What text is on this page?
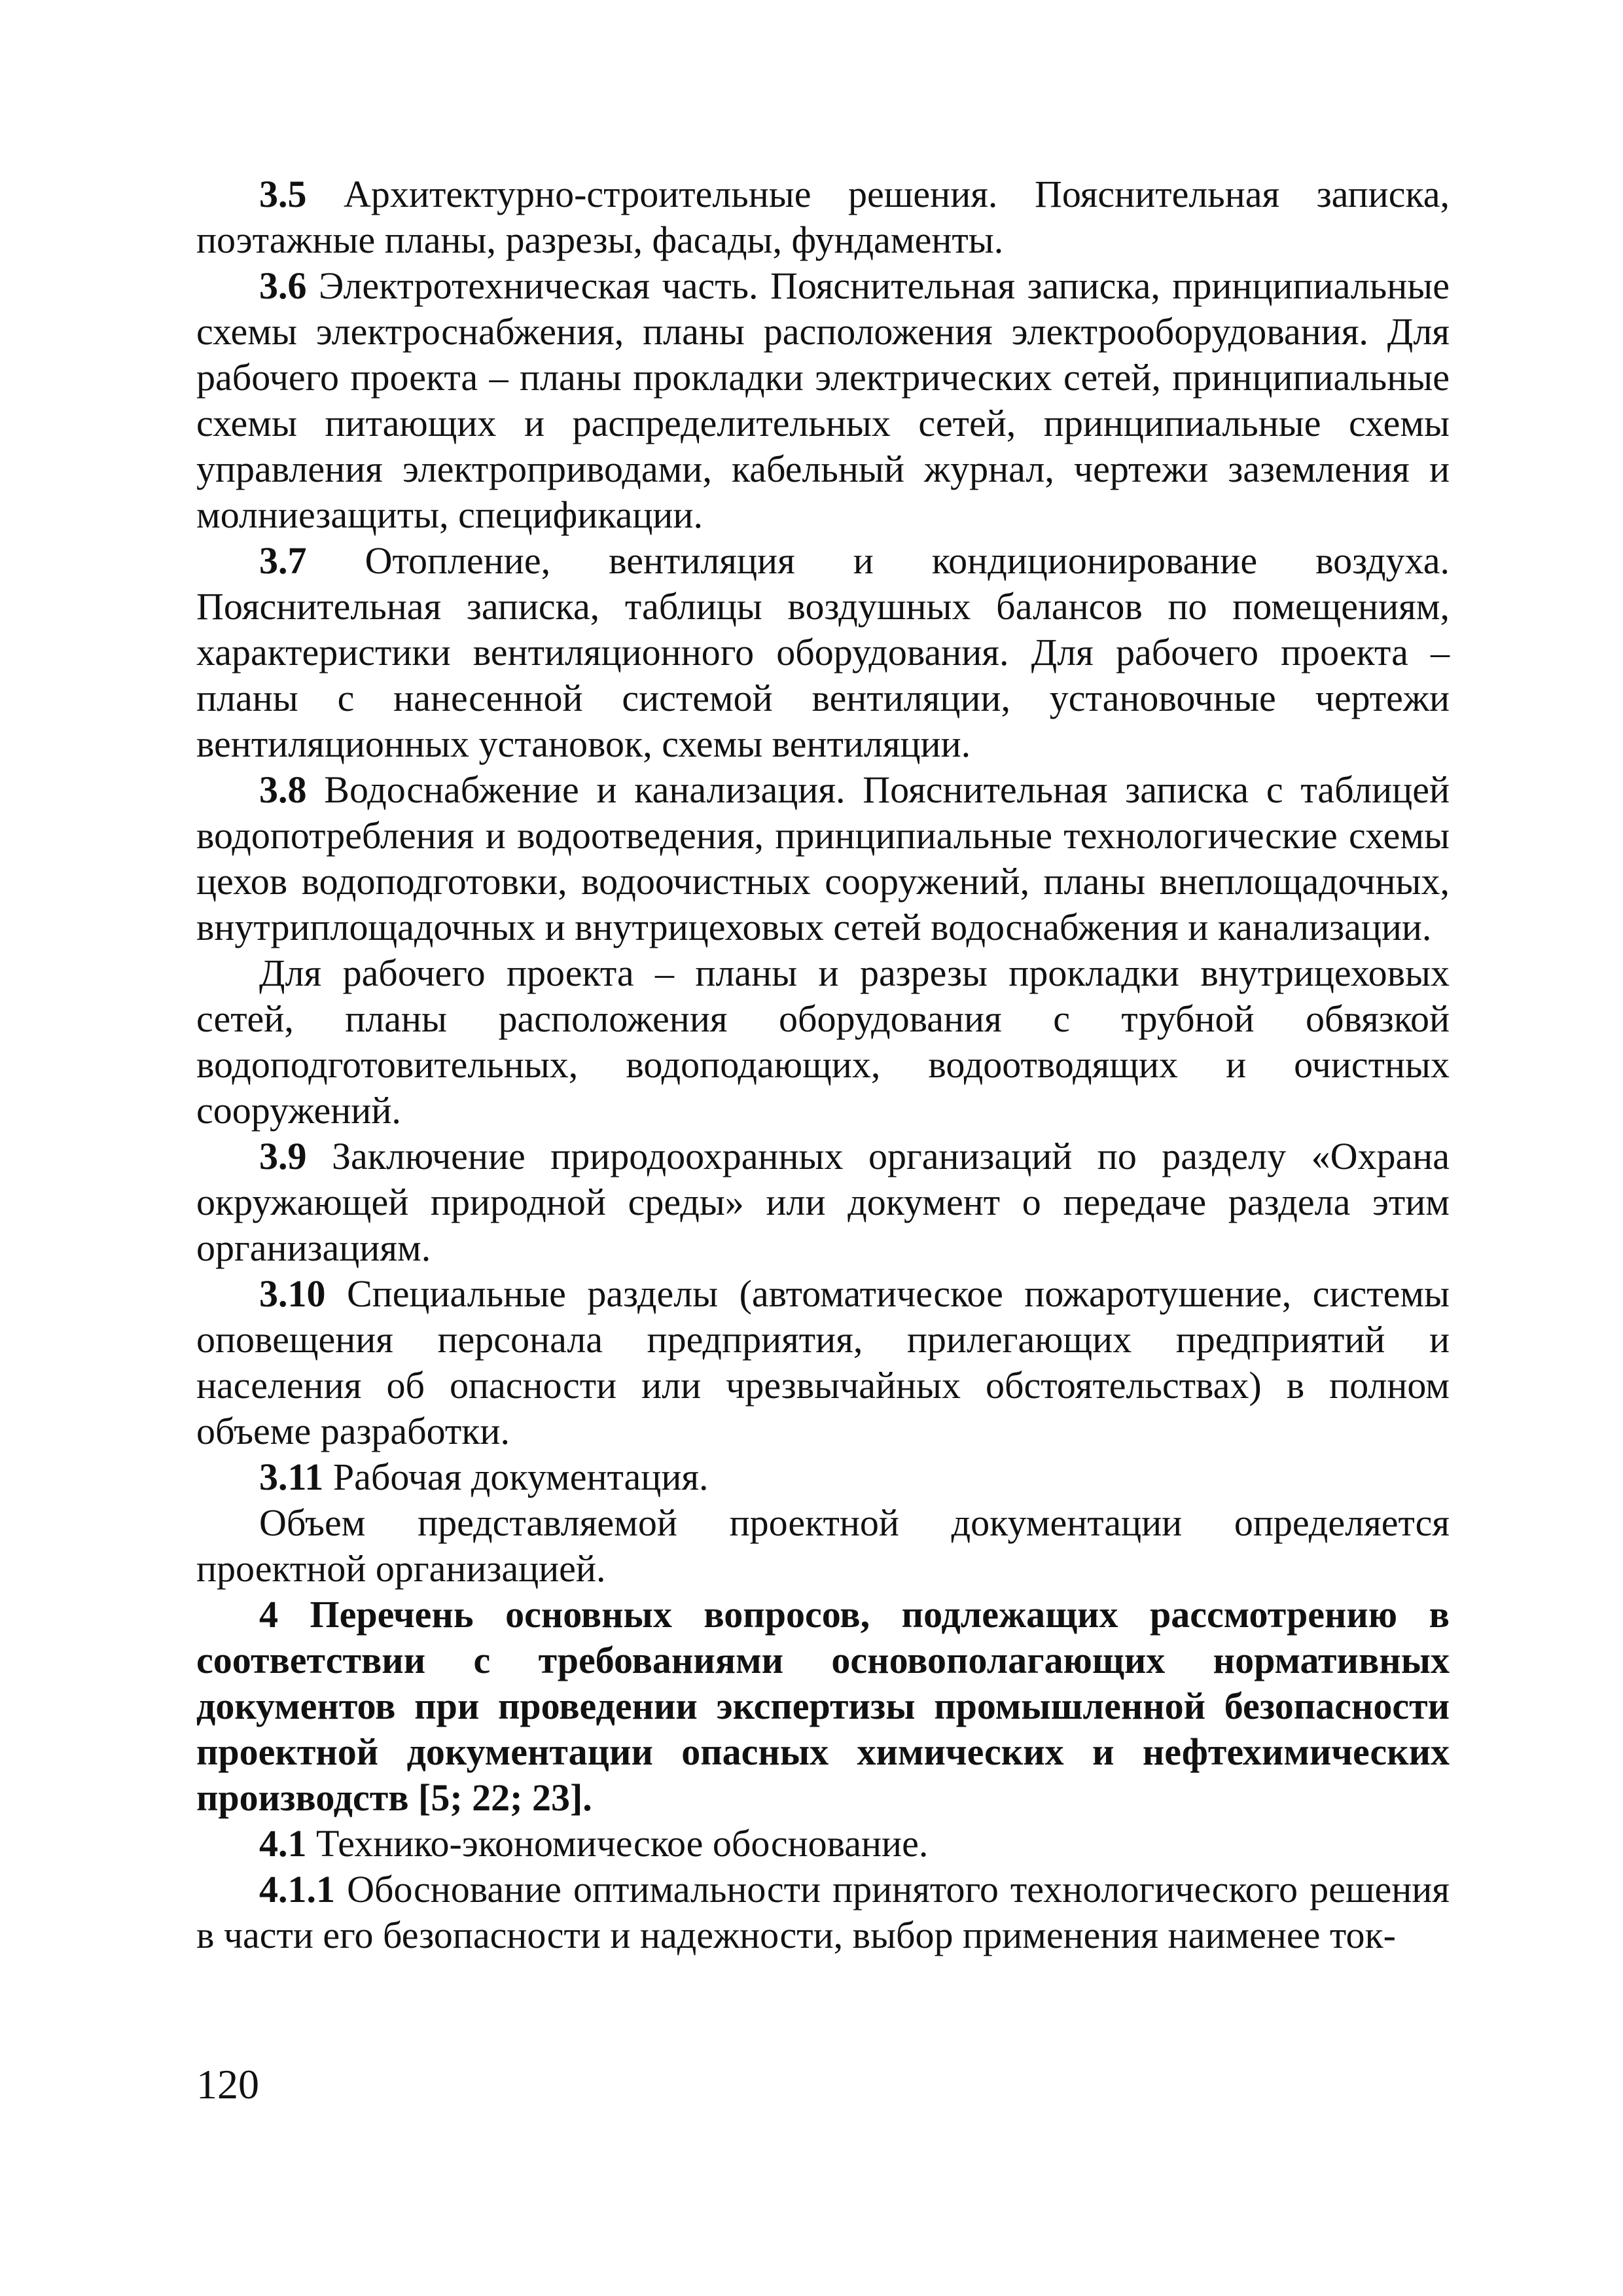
3.5 Архитектурно-строительные решения. Пояснительная записка, поэтажные планы, разрезы, фасады, фундаменты.

3.6 Электротехническая часть. Пояснительная записка, принципиальные схемы электроснабжения, планы расположения электрооборудования. Для рабочего проекта – планы прокладки электрических сетей, принципиальные схемы питающих и распределительных сетей, принципиальные схемы управления электроприводами, кабельный журнал, чертежи заземления и молниезащиты, спецификации.

3.7 Отопление, вентиляция и кондиционирование воздуха. Пояснительная записка, таблицы воздушных балансов по помещениям, характеристики вентиляционного оборудования. Для рабочего проекта – планы с нанесенной системой вентиляции, установочные чертежи вентиляционных установок, схемы вентиляции.

3.8 Водоснабжение и канализация. Пояснительная записка с таблицей водопотребления и водоотведения, принципиальные технологические схемы цехов водоподготовки, водоочистных сооружений, планы внеплощадочных, внутриплощадочных и внутрицеховых сетей водоснабжения и канализации.

Для рабочего проекта – планы и разрезы прокладки внутрицеховых сетей, планы расположения оборудования с трубной обвязкой водоподготовительных, водоподающих, водоотводящих и очистных сооружений.

3.9 Заключение природоохранных организаций по разделу «Охрана окружающей природной среды» или документ о передаче раздела этим организациям.

3.10 Специальные разделы (автоматическое пожаротушение, системы оповещения персонала предприятия, прилегающих предприятий и населения об опасности или чрезвычайных обстоятельствах) в полном объеме разработки.

3.11 Рабочая документация.

Объем представляемой проектной документации определяется проектной организацией.

4 Перечень основных вопросов, подлежащих рассмотрению в соответствии с требованиями основополагающих нормативных документов при проведении экспертизы промышленной безопасности проектной документации опасных химических и нефтехимических производств [5; 22; 23].

4.1 Технико-экономическое обоснование.

4.1.1 Обоснование оптимальности принятого технологического решения в части его безопасности и надежности, выбор применения наименее ток-

120
